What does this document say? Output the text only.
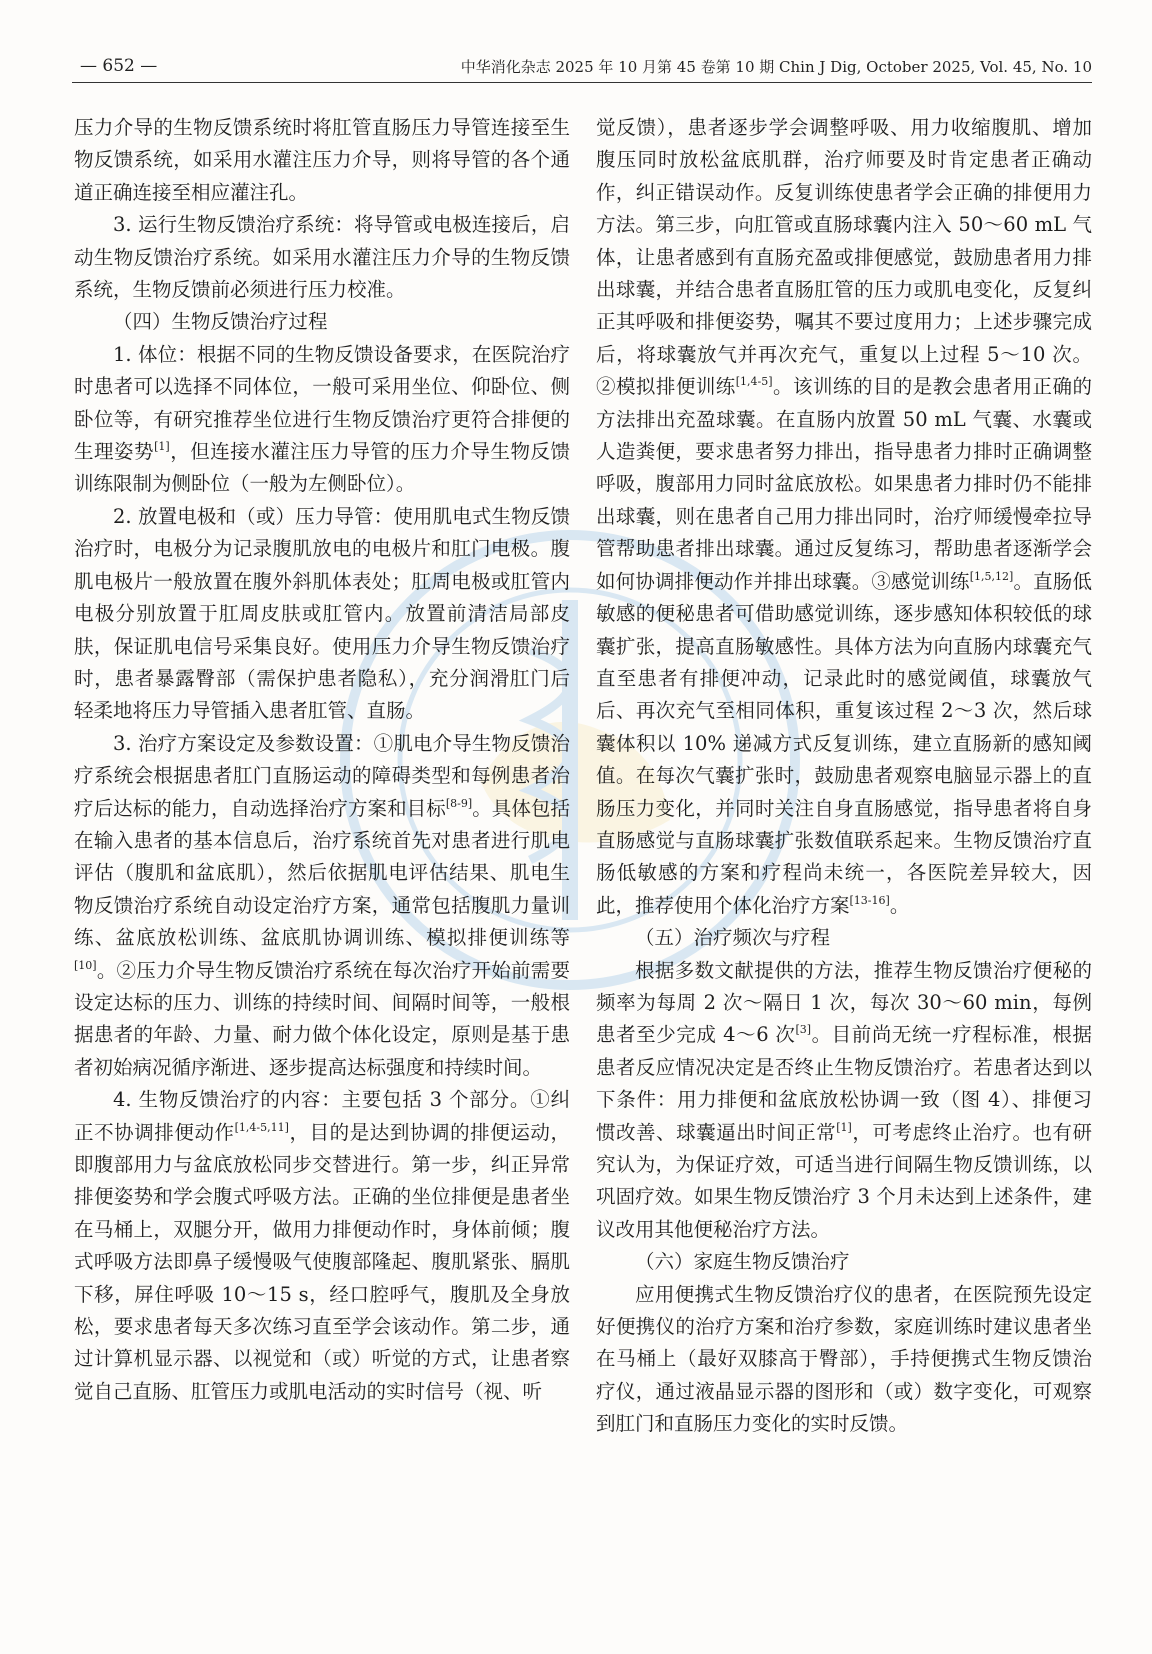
— 652 —	中华消化杂志 2025 年 10 月第 45 卷第 10 期 Chin J Dig, October 2025, Vol. 45, No. 10

压力介导的生物反馈系统时将肛管直肠压力导管连接至生物反馈系统，如采用水灌注压力介导，则将导管的各个通道正确连接至相应灌注孔。

3. 运行生物反馈治疗系统：将导管或电极连接后，启动生物反馈治疗系统。如采用水灌注压力介导的生物反馈系统，生物反馈前必须进行压力校准。

（四）生物反馈治疗过程

1. 体位：根据不同的生物反馈设备要求，在医院治疗时患者可以选择不同体位，一般可采用坐位、仰卧位、侧卧位等，有研究推荐坐位进行生物反馈治疗更符合排便的生理姿势[1]，但连接水灌注压力导管的压力介导生物反馈训练限制为侧卧位（一般为左侧卧位）。

2. 放置电极和（或）压力导管：使用肌电式生物反馈治疗时，电极分为记录腹肌放电的电极片和肛门电极。腹肌电极片一般放置在腹外斜肌体表处；肛周电极或肛管内电极分别放置于肛周皮肤或肛管内。放置前清洁局部皮肤，保证肌电信号采集良好。使用压力介导生物反馈治疗时，患者暴露臀部（需保护患者隐私），充分润滑肛门后轻柔地将压力导管插入患者肛管、直肠。

3. 治疗方案设定及参数设置：①肌电介导生物反馈治疗系统会根据患者肛门直肠运动的障碍类型和每例患者治疗后达标的能力，自动选择治疗方案和目标[8-9]。具体包括在输入患者的基本信息后，治疗系统首先对患者进行肌电评估（腹肌和盆底肌），然后依据肌电评估结果、肌电生物反馈治疗系统自动设定治疗方案，通常包括腹肌力量训练、盆底放松训练、盆底肌协调训练、模拟排便训练等[10]。②压力介导生物反馈治疗系统在每次治疗开始前需要设定达标的压力、训练的持续时间、间隔时间等，一般根据患者的年龄、力量、耐力做个体化设定，原则是基于患者初始病况循序渐进、逐步提高达标强度和持续时间。

4. 生物反馈治疗的内容：主要包括 3 个部分。①纠正不协调排便动作[1,4-5,11]，目的是达到协调的排便运动，即腹部用力与盆底放松同步交替进行。第一步，纠正异常排便姿势和学会腹式呼吸方法。正确的坐位排便是患者坐在马桶上，双腿分开，做用力排便动作时，身体前倾；腹式呼吸方法即鼻子缓慢吸气使腹部隆起、腹肌紧张、膈肌下移，屏住呼吸 10～15 s，经口腔呼气，腹肌及全身放松，要求患者每天多次练习直至学会该动作。第二步，通过计算机显示器、以视觉和（或）听觉的方式，让患者察觉自己直肠、肛管压力或肌电活动的实时信号（视、听

觉反馈），患者逐步学会调整呼吸、用力收缩腹肌、增加腹压同时放松盆底肌群，治疗师要及时肯定患者正确动作，纠正错误动作。反复训练使患者学会正确的排便用力方法。第三步，向肛管或直肠球囊内注入 50～60 mL 气体，让患者感到有直肠充盈或排便感觉，鼓励患者用力排出球囊，并结合患者直肠肛管的压力或肌电变化，反复纠正其呼吸和排便姿势，嘱其不要过度用力；上述步骤完成后，将球囊放气并再次充气，重复以上过程 5～10 次。②模拟排便训练[1,4-5]。该训练的目的是教会患者用正确的方法排出充盈球囊。在直肠内放置 50 mL 气囊、水囊或人造粪便，要求患者努力排出，指导患者力排时正确调整呼吸，腹部用力同时盆底放松。如果患者力排时仍不能排出球囊，则在患者自己用力排出同时，治疗师缓慢牵拉导管帮助患者排出球囊。通过反复练习，帮助患者逐渐学会如何协调排便动作并排出球囊。③感觉训练[1,5,12]。直肠低敏感的便秘患者可借助感觉训练，逐步感知体积较低的球囊扩张，提高直肠敏感性。具体方法为向直肠内球囊充气直至患者有排便冲动，记录此时的感觉阈值，球囊放气后、再次充气至相同体积，重复该过程 2～3 次，然后球囊体积以 10% 递减方式反复训练，建立直肠新的感知阈值。在每次气囊扩张时，鼓励患者观察电脑显示器上的直肠压力变化，并同时关注自身直肠感觉，指导患者将自身直肠感觉与直肠球囊扩张数值联系起来。生物反馈治疗直肠低敏感的方案和疗程尚未统一，各医院差异较大，因此，推荐使用个体化治疗方案[13-16]。

（五）治疗频次与疗程

根据多数文献提供的方法，推荐生物反馈治疗便秘的频率为每周 2 次～隔日 1 次，每次 30～60 min，每例患者至少完成 4～6 次[3]。目前尚无统一疗程标准，根据患者反应情况决定是否终止生物反馈治疗。若患者达到以下条件：用力排便和盆底放松协调一致（图 4）、排便习惯改善、球囊逼出时间正常[1]，可考虑终止治疗。也有研究认为，为保证疗效，可适当进行间隔生物反馈训练，以巩固疗效。如果生物反馈治疗 3 个月未达到上述条件，建议改用其他便秘治疗方法。

（六）家庭生物反馈治疗

应用便携式生物反馈治疗仪的患者，在医院预先设定好便携仪的治疗方案和治疗参数，家庭训练时建议患者坐在马桶上（最好双膝高于臀部），手持便携式生物反馈治疗仪，通过液晶显示器的图形和（或）数字变化，可观察到肛门和直肠压力变化的实时反馈。
